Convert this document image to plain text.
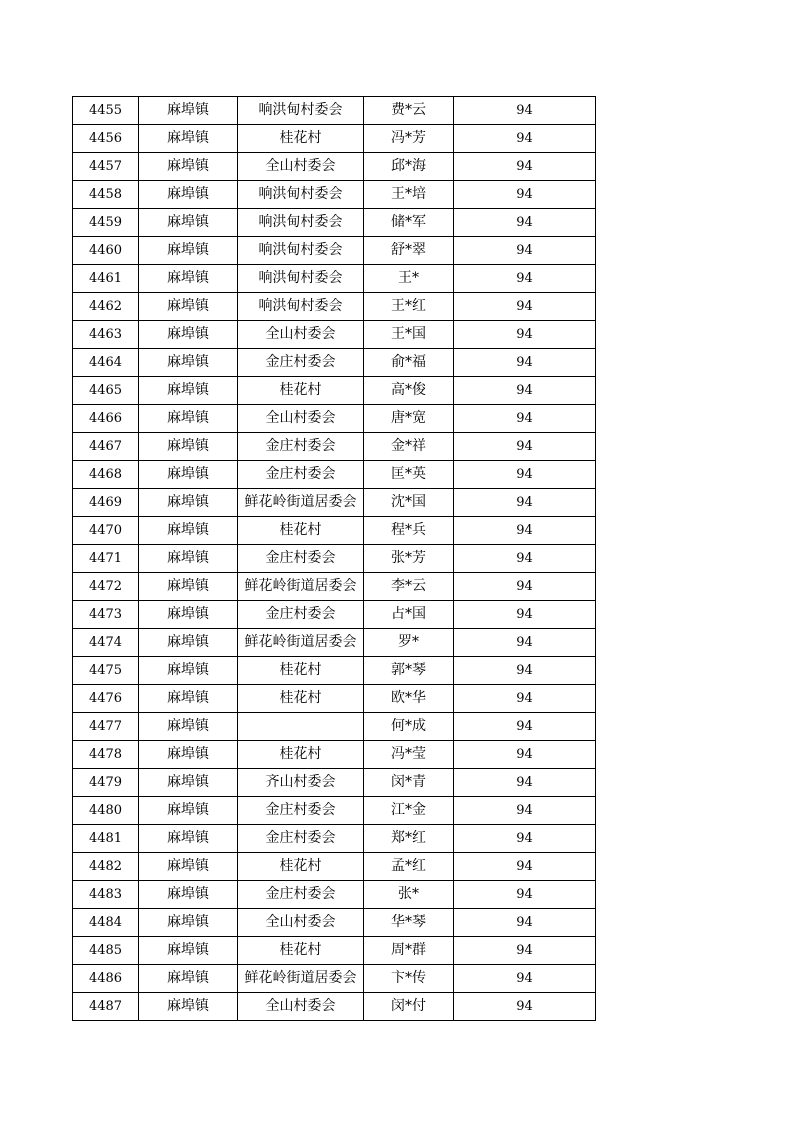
4455	麻埠镇	响洪甸村委会	费*云	94
4456	麻埠镇	桂花村	冯*芳	94
4457	麻埠镇	全山村委会	邱*海	94
4458	麻埠镇	响洪甸村委会	王*培	94
4459	麻埠镇	响洪甸村委会	储*军	94
4460	麻埠镇	响洪甸村委会	舒*翠	94
4461	麻埠镇	响洪甸村委会	王*	94
4462	麻埠镇	响洪甸村委会	王*红	94
4463	麻埠镇	全山村委会	王*国	94
4464	麻埠镇	金庄村委会	俞*福	94
4465	麻埠镇	桂花村	高*俊	94
4466	麻埠镇	全山村委会	唐*宽	94
4467	麻埠镇	金庄村委会	金*祥	94
4468	麻埠镇	金庄村委会	匡*英	94
4469	麻埠镇	鲜花岭街道居委会	沈*国	94
4470	麻埠镇	桂花村	程*兵	94
4471	麻埠镇	金庄村委会	张*芳	94
4472	麻埠镇	鲜花岭街道居委会	李*云	94
4473	麻埠镇	金庄村委会	占*国	94
4474	麻埠镇	鲜花岭街道居委会	罗*	94
4475	麻埠镇	桂花村	郭*琴	94
4476	麻埠镇	桂花村	欧*华	94
4477	麻埠镇		何*成	94
4478	麻埠镇	桂花村	冯*莹	94
4479	麻埠镇	齐山村委会	闵*青	94
4480	麻埠镇	金庄村委会	江*金	94
4481	麻埠镇	金庄村委会	郑*红	94
4482	麻埠镇	桂花村	孟*红	94
4483	麻埠镇	金庄村委会	张*	94
4484	麻埠镇	全山村委会	华*琴	94
4485	麻埠镇	桂花村	周*群	94
4486	麻埠镇	鲜花岭街道居委会	卞*传	94
4487	麻埠镇	全山村委会	闵*付	94
